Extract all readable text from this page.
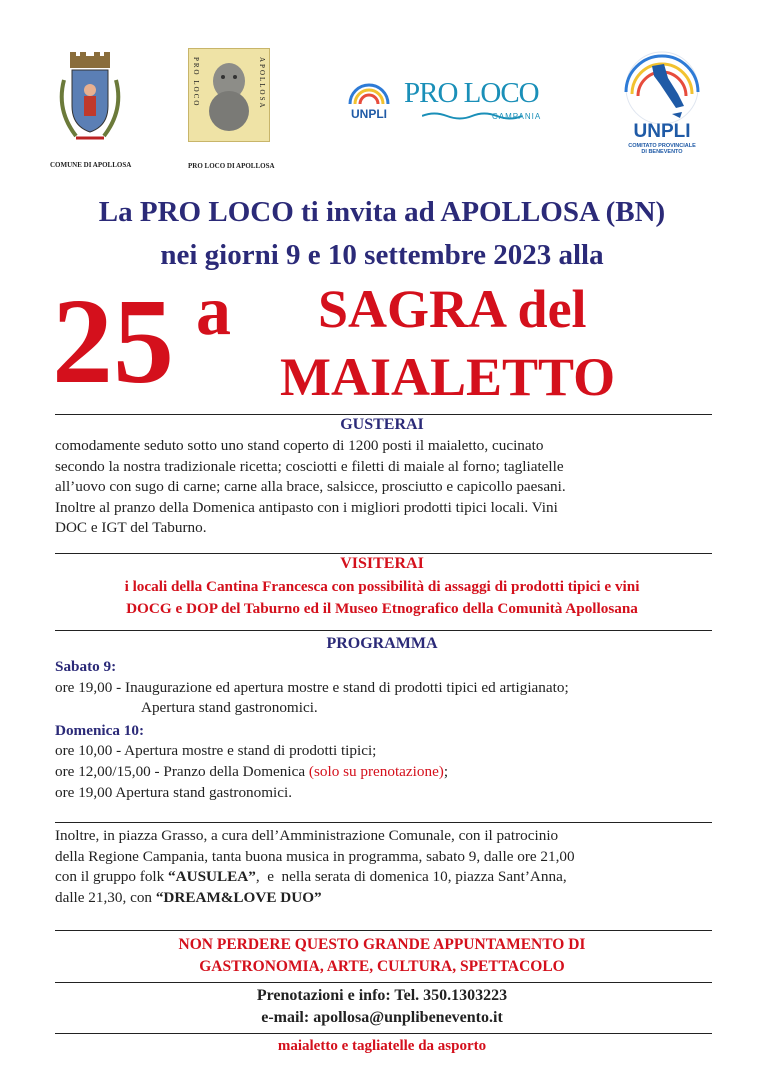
COMUNE DI APOLLOSA
PRO LOCO	APOLLOSA
PRO LOCO DI APOLLOSA
UNPLI
PRO LOCO
CAMPANIA
UNPLI
COMITATO PROVINCIALE
DI BENEVENTO
La PRO LOCO ti invita ad APOLLOSA (BN)
nei giorni 9 e 10 settembre 2023 alla
25 a SAGRA del
MAIALETTO
GUSTERAI
comodamente seduto sotto uno stand coperto di 1200 posti il maialetto, cucinato
secondo la nostra tradizionale ricetta; cosciotti e filetti di maiale al forno; tagliatelle
all’uovo con sugo di carne; carne alla brace, salsicce, prosciutto e capicollo paesani.
Inoltre al pranzo della Domenica antipasto con i migliori prodotti tipici locali. Vini
DOC e IGT del Taburno.
VISITERAI
i locali della Cantina Francesca con possibilità di assaggi di prodotti tipici e vini
DOCG e DOP del Taburno ed il Museo Etnografico della Comunità Apollosana
PROGRAMMA
Sabato 9:
ore 19,00 - Inaugurazione ed apertura mostre e stand di prodotti tipici ed artigianato;
Apertura stand gastronomici.
Domenica 10:
ore 10,00 - Apertura mostre e stand di prodotti tipici;
ore 12,00/15,00 - Pranzo della Domenica (solo su prenotazione);
ore 19,00 Apertura stand gastronomici.
Inoltre, in piazza Grasso, a cura dell’Amministrazione Comunale, con il patrocinio
della Regione Campania, tanta buona musica in programma, sabato 9, dalle ore 21,00
con il gruppo folk “AUSULEA”,  e  nella serata di domenica 10, piazza Sant’Anna,
dalle 21,30, con “DREAM&LOVE DUO”
NON PERDERE QUESTO GRANDE APPUNTAMENTO DI
GASTRONOMIA, ARTE, CULTURA, SPETTACOLO
Prenotazioni e info: Tel. 350.1303223
e-mail: apollosa@unplibenevento.it
maialetto e tagliatelle da asporto
